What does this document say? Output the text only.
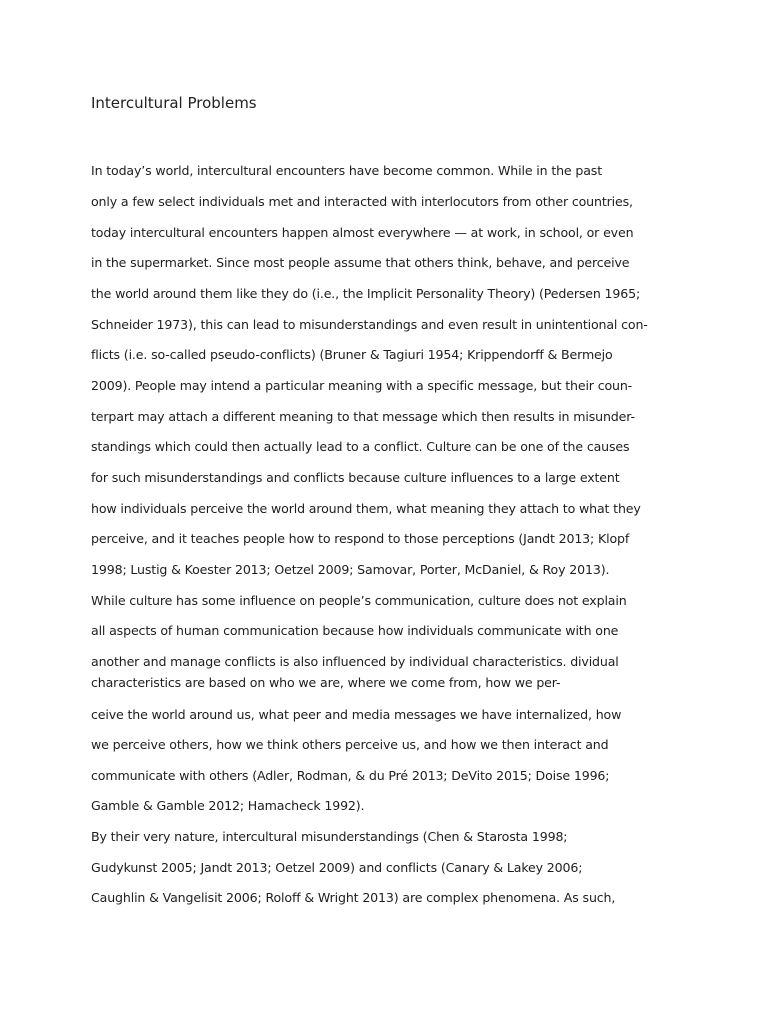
Intercultural Problems
In today’s world, intercultural encounters have become common. While in the past
only a few select individuals met and interacted with interlocutors from other countries,
today intercultural encounters happen almost everywhere — at work, in school, or even
in the supermarket. Since most people assume that others think, behave, and perceive
the world around them like they do (i.e., the Implicit Personality Theory) (Pedersen 1965;
Schneider 1973), this can lead to misunderstandings and even result in unintentional con-
flicts (i.e. so-called pseudo-conflicts) (Bruner & Tagiuri 1954; Krippendorff & Bermejo
2009). People may intend a particular meaning with a specific message, but their coun-
terpart may attach a different meaning to that message which then results in misunder-
standings which could then actually lead to a conflict. Culture can be one of the causes
for such misunderstandings and conflicts because culture influences to a large extent
how individuals perceive the world around them, what meaning they attach to what they
perceive, and it teaches people how to respond to those perceptions (Jandt 2013; Klopf
1998; Lustig & Koester 2013; Oetzel 2009; Samovar, Porter, McDaniel, & Roy 2013).
While culture has some influence on people’s communication, culture does not explain
all aspects of human communication because how individuals communicate with one
another and manage conflicts is also influenced by individual characteristics. dividual
characteristics are based on who we are, where we come from, how we per-
ceive the world around us, what peer and media messages we have internalized, how
we perceive others, how we think others perceive us, and how we then interact and
communicate with others (Adler, Rodman, & du Pré 2013; DeVito 2015; Doise 1996;
Gamble & Gamble 2012; Hamacheck 1992).
By their very nature, intercultural misunderstandings (Chen & Starosta 1998;
Gudykunst 2005; Jandt 2013; Oetzel 2009) and conflicts (Canary & Lakey 2006;
Caughlin & Vangelisit 2006; Roloff & Wright 2013) are complex phenomena. As such,
